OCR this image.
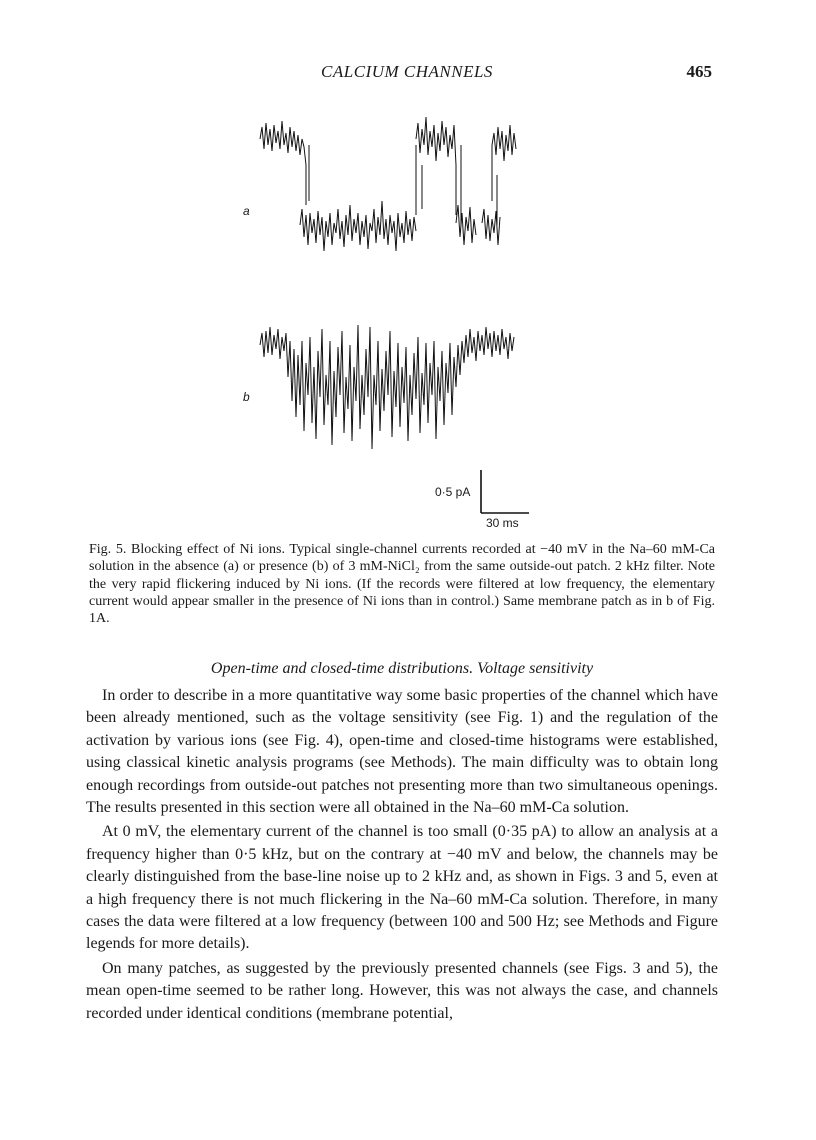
CALCIUM CHANNELS	465
a
b
0·5 pA
30 ms
Fig. 5. Blocking effect of Ni ions. Typical single-channel currents recorded at −40 mV in the Na–60 mM-Ca solution in the absence (a) or presence (b) of 3 mM-NiCl₂ from the same outside-out patch. 2 kHz filter. Note the very rapid flickering induced by Ni ions. (If the records were filtered at low frequency, the elementary current would appear smaller in the presence of Ni ions than in control.) Same membrane patch as in b of Fig. 1A.
Open-time and closed-time distributions. Voltage sensitivity

In order to describe in a more quantitative way some basic properties of the channel which have been already mentioned, such as the voltage sensitivity (see Fig. 1) and the regulation of the activation by various ions (see Fig. 4), open-time and closed-time histograms were established, using classical kinetic analysis programs (see Methods). The main difficulty was to obtain long enough recordings from outside-out patches not presenting more than two simultaneous openings. The results presented in this section were all obtained in the Na–60 mM-Ca solution.

At 0 mV, the elementary current of the channel is too small (0·35 pA) to allow an analysis at a frequency higher than 0·5 kHz, but on the contrary at −40 mV and below, the channels may be clearly distinguished from the base-line noise up to 2 kHz and, as shown in Figs. 3 and 5, even at a high frequency there is not much flickering in the Na–60 mM-Ca solution. Therefore, in many cases the data were filtered at a low frequency (between 100 and 500 Hz; see Methods and Figure legends for more details).

On many patches, as suggested by the previously presented channels (see Figs. 3 and 5), the mean open-time seemed to be rather long. However, this was not always the case, and channels recorded under identical conditions (membrane potential,
